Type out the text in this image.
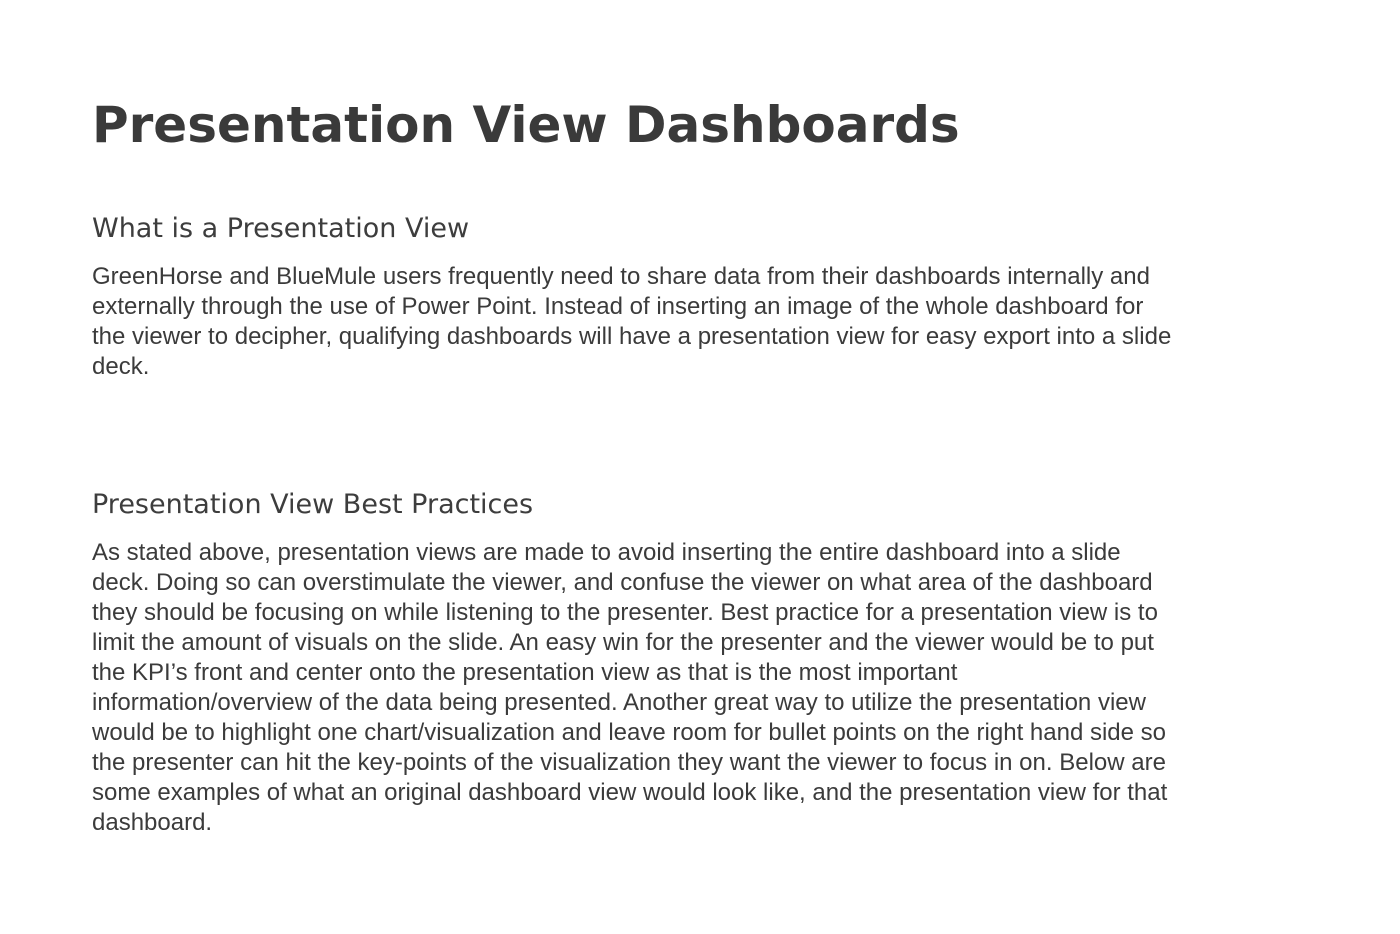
Presentation View Dashboards
What is a Presentation View

GreenHorse and BlueMule users frequently need to share data from their dashboards internally and externally through the use of Power Point. Instead of inserting an image of the whole dashboard for the viewer to decipher, qualifying dashboards will have a presentation view for easy export into a slide deck.

Presentation View Best Practices

As stated above, presentation views are made to avoid inserting the entire dashboard into a slide deck. Doing so can overstimulate the viewer, and confuse the viewer on what area of the dashboard they should be focusing on while listening to the presenter. Best practice for a presentation view is to limit the amount of visuals on the slide. An easy win for the presenter and the viewer would be to put the KPI’s front and center onto the presentation view as that is the most important information/overview of the data being presented. Another great way to utilize the presentation view would be to highlight one chart/visualization and leave room for bullet points on the right hand side so the presenter can hit the key-points of the visualization they want the viewer to focus in on. Below are some examples of what an original dashboard view would look like, and the presentation view for that dashboard.
